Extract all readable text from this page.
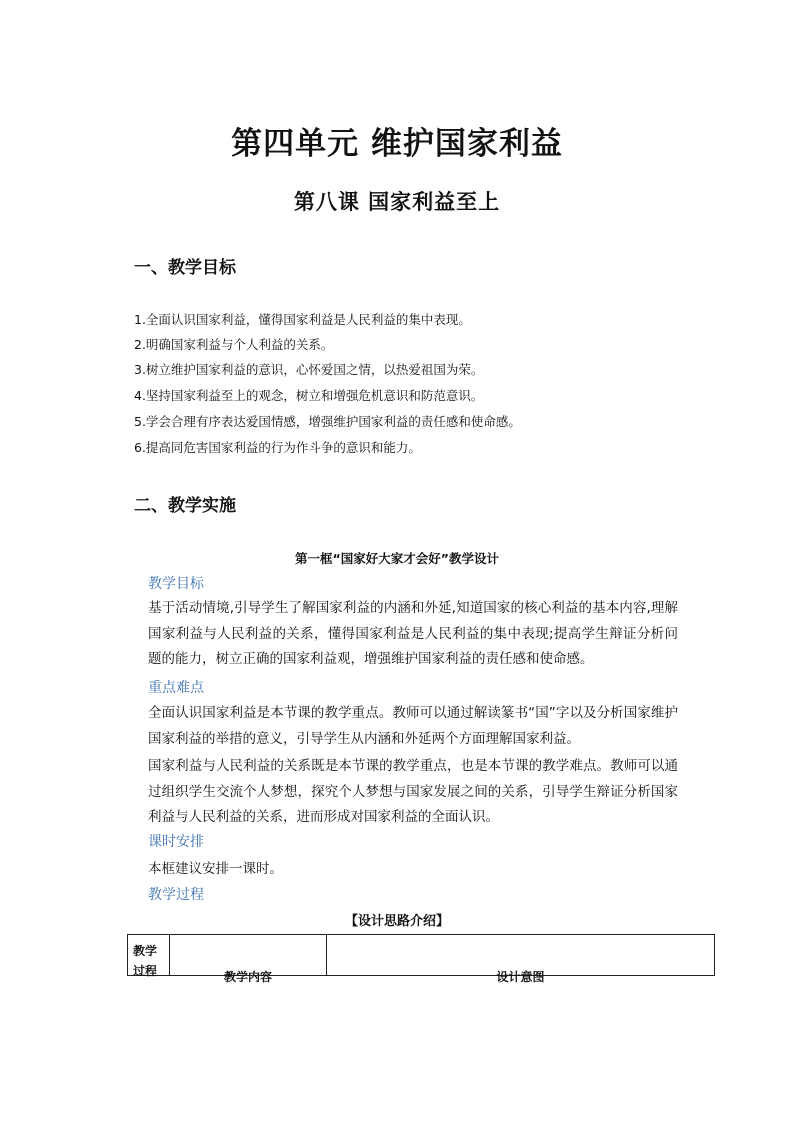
第四单元 维护国家利益
第八课 国家利益至上
一、教学目标
1.全面认识国家利益，懂得国家利益是人民利益的集中表现。
2.明确国家利益与个人利益的关系。
3.树立维护国家利益的意识，心怀爱国之情，以热爱祖国为荣。
4.坚持国家利益至上的观念，树立和增强危机意识和防范意识。
5.学会合理有序表达爱国情感，增强维护国家利益的责任感和使命感。
6.提高同危害国家利益的行为作斗争的意识和能力。
二、教学实施
第一框“国家好大家才会好”教学设计
教学目标
基于活动情境,引导学生了解国家利益的内涵和外延,知道国家的核心利益的基本内容,理解国家利益与人民利益的关系，懂得国家利益是人民利益的集中表现;提高学生辩证分析问题的能力，树立正确的国家利益观，增强维护国家利益的责任感和使命感。
重点难点
全面认识国家利益是本节课的教学重点。教师可以通过解读篆书“国”字以及分析国家维护国家利益的举措的意义，引导学生从内涵和外延两个方面理解国家利益。
国家利益与人民利益的关系既是本节课的教学重点，也是本节课的教学难点。教师可以通过组织学生交流个人梦想，探究个人梦想与国家发展之间的关系，引导学生辩证分析国家利益与人民利益的关系，进而形成对国家利益的全面认识。
课时安排
本框建议安排一课时。
教学过程
【设计思路介绍】
教学过程	教学内容	设计意图
